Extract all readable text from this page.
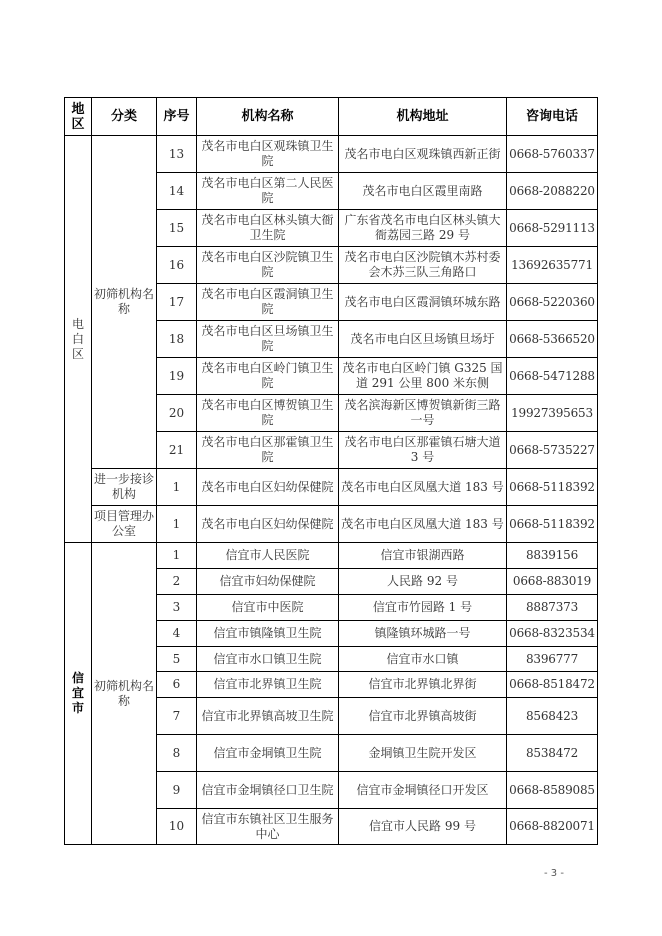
地区	分类	序号	机构名称	机构地址	咨询电话
电白区	初筛机构名称	13	茂名市电白区观珠镇卫生院	茂名市电白区观珠镇西新正街	0668-5760337
		14	茂名市电白区第二人民医院	茂名市电白区霞里南路	0668-2088220
		15	茂名市电白区林头镇大衙卫生院	广东省茂名市电白区林头镇大衙荔园三路 29 号	0668-5291113
		16	茂名市电白区沙院镇卫生院	茂名市电白区沙院镇木苏村委会木苏三队三角路口	13692635771
		17	茂名市电白区霞洞镇卫生院	茂名市电白区霞洞镇环城东路	0668-5220360
		18	茂名市电白区旦场镇卫生院	茂名市电白区旦场镇旦场圩	0668-5366520
		19	茂名市电白区岭门镇卫生院	茂名市电白区岭门镇 G325 国道 291 公里 800 米东侧	0668-5471288
		20	茂名市电白区博贺镇卫生院	茂名滨海新区博贺镇新街三路一号	19927395653
		21	茂名市电白区那霍镇卫生院	茂名市电白区那霍镇石塘大道 3 号	0668-5735227
	进一步接诊机构	1	茂名市电白区妇幼保健院	茂名市电白区凤凰大道 183 号	0668-5118392
	项目管理办公室	1	茂名市电白区妇幼保健院	茂名市电白区凤凰大道 183 号	0668-5118392
信宜市	初筛机构名称	1	信宜市人民医院	信宜市银湖西路	8839156
		2	信宜市妇幼保健院	人民路 92 号	0668-883019
		3	信宜市中医院	信宜市竹园路 1 号	8887373
		4	信宜市镇隆镇卫生院	镇隆镇环城路一号	0668-8323534
		5	信宜市水口镇卫生院	信宜市水口镇	8396777
		6	信宜市北界镇卫生院	信宜市北界镇北界街	0668-8518472
		7	信宜市北界镇高坡卫生院	信宜市北界镇高坡街	8568423
		8	信宜市金垌镇卫生院	金垌镇卫生院开发区	8538472
		9	信宜市金垌镇径口卫生院	信宜市金垌镇径口开发区	0668-8589085
		10	信宜市东镇社区卫生服务中心	信宜市人民路 99 号	0668-8820071
- 3 -
